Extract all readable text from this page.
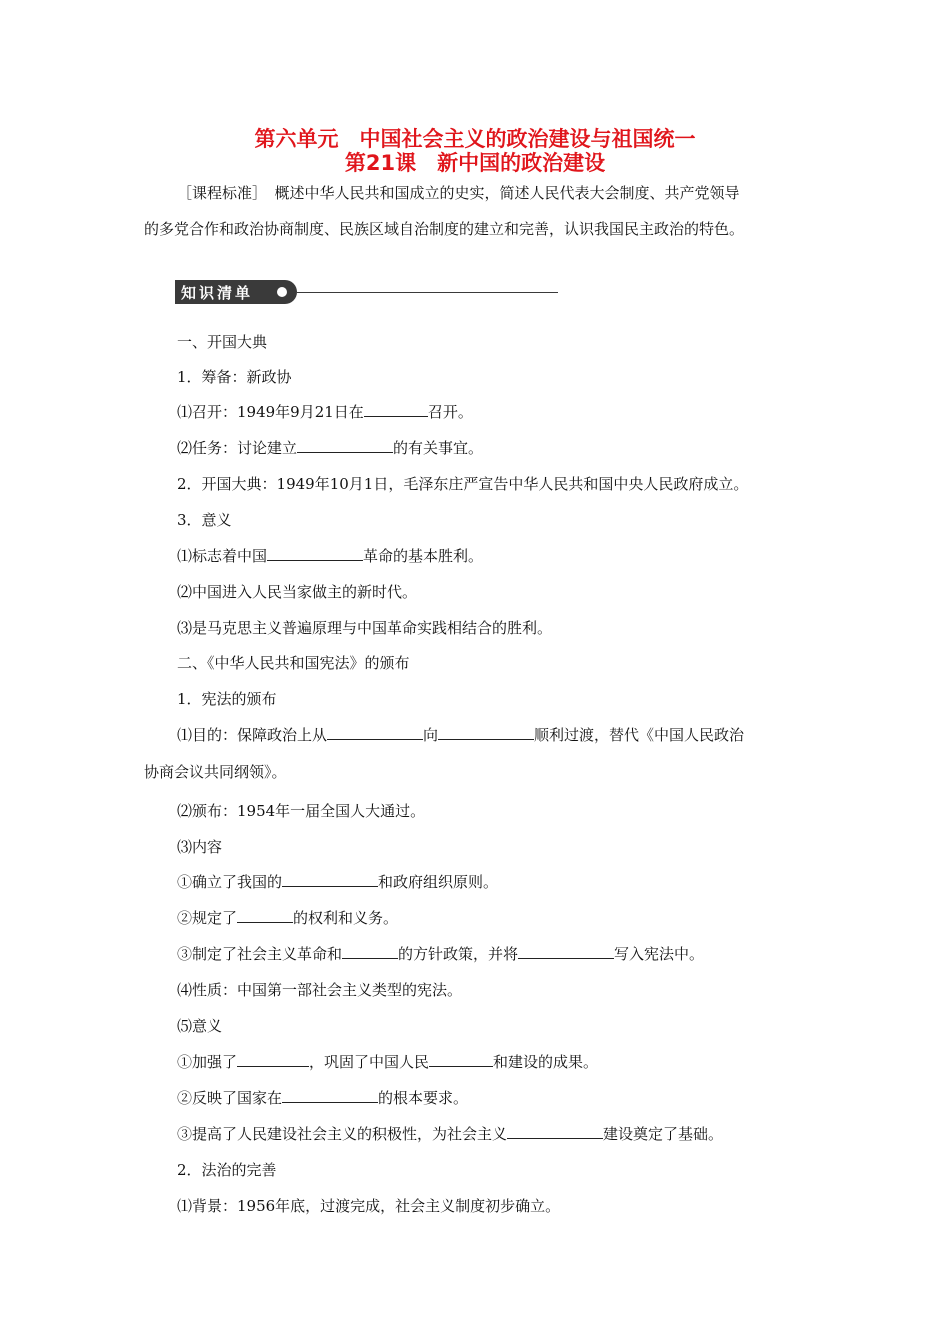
第六单元　中国社会主义的政治建设与祖国统一
第21课　新中国的政治建设
［课程标准］　概述中华人民共和国成立的史实，简述人民代表大会制度、共产党领导
的多党合作和政治协商制度、民族区域自治制度的建立和完善，认识我国民主政治的特色。
知识清单
一、开国大典
1．筹备：新政协
⑴召开：1949年9月21日在	召开。
⑵任务：讨论建立	的有关事宜。
2．开国大典：1949年10月1日，毛泽东庄严宣告中华人民共和国中央人民政府成立。
3．意义
⑴标志着中国	革命的基本胜利。
⑵中国进入人民当家做主的新时代。
⑶是马克思主义普遍原理与中国革命实践相结合的胜利。
二、《中华人民共和国宪法》的颁布
1．宪法的颁布
⑴目的：保障政治上从	向	顺利过渡，替代《中国人民政治
协商会议共同纲领》。
⑵颁布：1954年一届全国人大通过。
⑶内容
①确立了我国的	和政府组织原则。
②规定了	的权利和义务。
③制定了社会主义革命和	的方针政策，并将	写入宪法中。
⑷性质：中国第一部社会主义类型的宪法。
⑸意义
①加强了	，巩固了中国人民	和建设的成果。
②反映了国家在	的根本要求。
③提高了人民建设社会主义的积极性，为社会主义	建设奠定了基础。
2．法治的完善
⑴背景：1956年底，过渡完成，社会主义制度初步确立。
